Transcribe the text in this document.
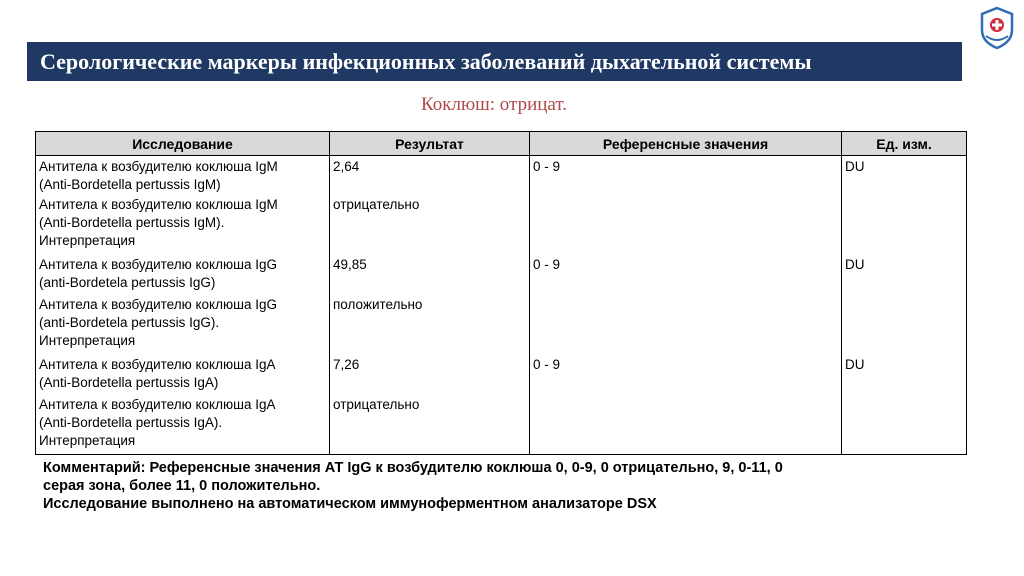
Серологические маркеры инфекционных заболеваний дыхательной системы
Коклюш: отрицат.
Исследование	Результат	Референсные значения	Ед. изм.

Антитела к возбудителю коклюша IgM
(Anti-Bordetella pertussis IgM)	2,64	0 - 9	DU

Антитела к возбудителю коклюша IgM
(Anti-Bordetella pertussis IgM).
Интерпретация	отрицательно		

Антитела к возбудителю коклюша IgG
(anti-Bordetela pertussis IgG)	49,85	0 - 9	DU

Антитела к возбудителю коклюша IgG
(anti-Bordetela pertussis IgG).
Интерпретация	положительно		

Антитела к возбудителю коклюша IgA
(Anti-Bordetella pertussis IgA)	7,26	0 - 9	DU

Антитела к возбудителю коклюша IgA
(Anti-Bordetella pertussis IgA).
Интерпретация	отрицательно		
Комментарий: Референсные значения АТ IgG к возбудителю коклюша 0, 0-9, 0 отрицательно, 9, 0-11, 0
серая зона, более 11, 0 положительно.
Исследование выполнено на автоматическом иммуноферментном анализаторе DSX
